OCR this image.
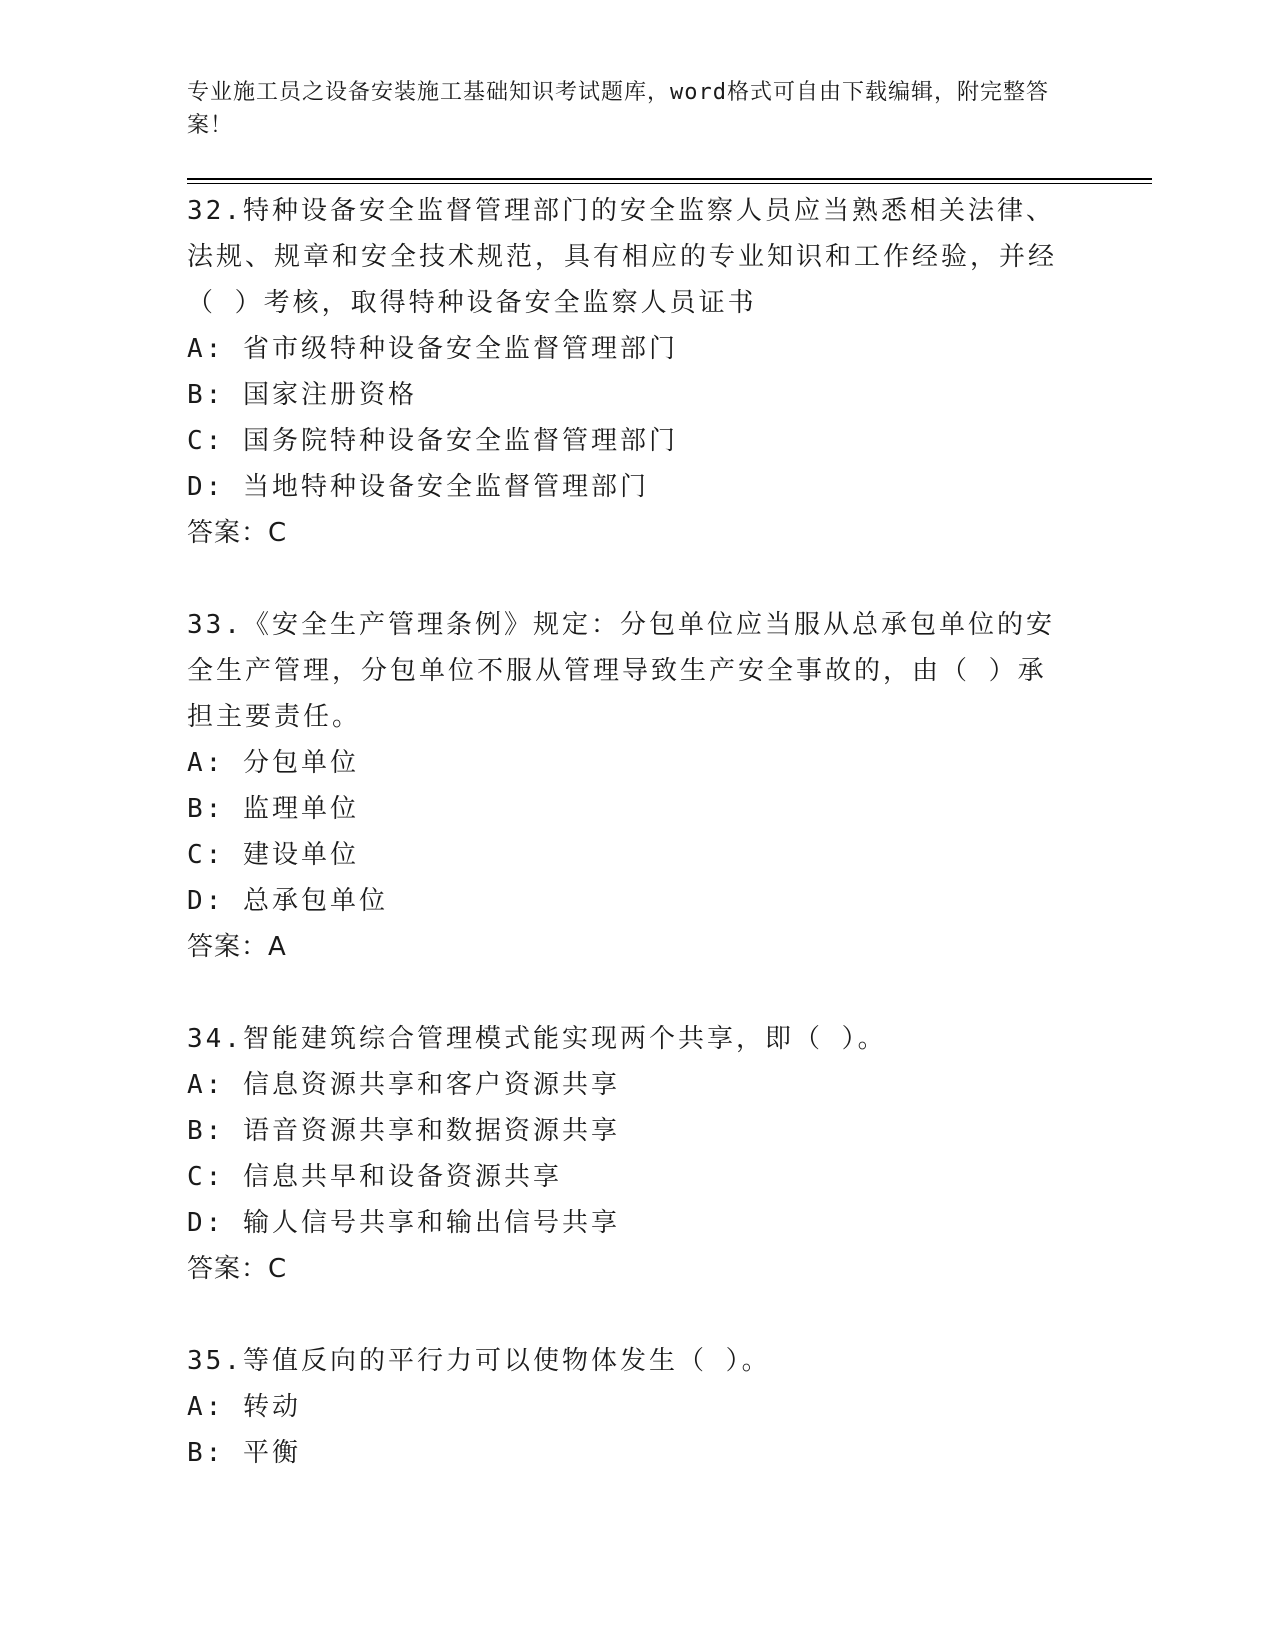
专业施工员之设备安装施工基础知识考试题库，word格式可自由下载编辑，附完整答案！

32.特种设备安全监督管理部门的安全监察人员应当熟悉相关法律、法规、规章和安全技术规范，具有相应的专业知识和工作经验，并经（ ）考核，取得特种设备安全监察人员证书

A: 省市级特种设备安全监督管理部门

B: 国家注册资格

C: 国务院特种设备安全监督管理部门

D: 当地特种设备安全监督管理部门

答案：C

33.《安全生产管理条例》规定：分包单位应当服从总承包单位的安全生产管理，分包单位不服从管理导致生产安全事故的，由（ ）承担主要责任。

A: 分包单位

B: 监理单位

C: 建设单位

D: 总承包单位

答案：A

34.智能建筑综合管理模式能实现两个共享，即（ ）。

A: 信息资源共享和客户资源共享

B: 语音资源共享和数据资源共享

C: 信息共早和设备资源共享

D: 输人信号共享和输出信号共享

答案：C

35.等值反向的平行力可以使物体发生（ ）。

A: 转动

B: 平衡
